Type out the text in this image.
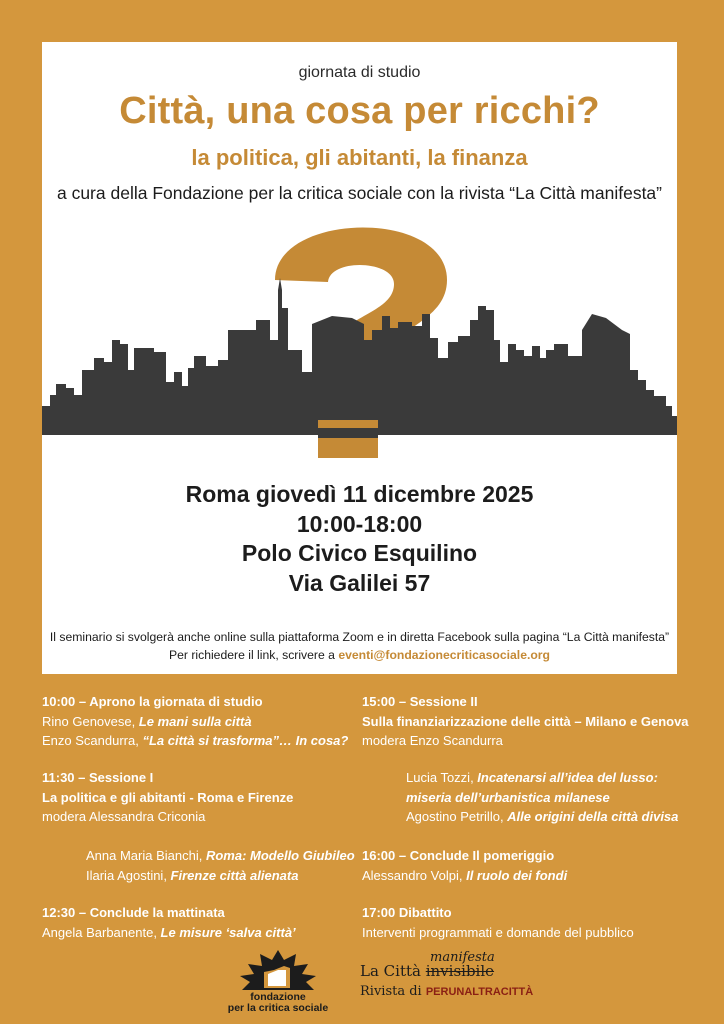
giornata di studio
Città, una cosa per ricchi?
la politica, gli abitanti, la finanza
a cura della Fondazione per la critica sociale con la rivista “La Città manifesta”
Roma giovedì 11 dicembre 2025
10:00-18:00
Polo Civico Esquilino
Via Galilei 57
Il seminario si svolgerà anche online sulla piattaforma Zoom e in diretta Facebook sulla pagina “La Città manifesta”
Per richiedere il link, scrivere a eventi@fondazionecriticasociale.org
10:00 – Aprono la giornata di studio
Rino Genovese, Le mani sulla città
Enzo Scandurra, “La città si trasforma”… In cosa?
11:30 – Sessione I
La politica e gli abitanti - Roma e Firenze
modera Alessandra Criconia
Anna Maria Bianchi, Roma: Modello Giubileo
Ilaria Agostini, Firenze città alienata
12:30 – Conclude la mattinata
Angela Barbanente, Le misure ‘salva città’
15:00 – Sessione II
Sulla finanziarizzazione delle città – Milano e Genova
modera Enzo Scandurra
Lucia Tozzi, Incatenarsi all’idea del lusso:
miseria dell’urbanistica milanese
Agostino Petrillo, Alle origini della città divisa
16:00 – Conclude Il pomeriggio
Alessandro Volpi, Il ruolo dei fondi
17:00 Dibattito
Interventi programmati e domande del pubblico
fondazione
per la critica sociale
manifesta
La Città invisibile
Rivista di PERUNALTRACITTÀ
